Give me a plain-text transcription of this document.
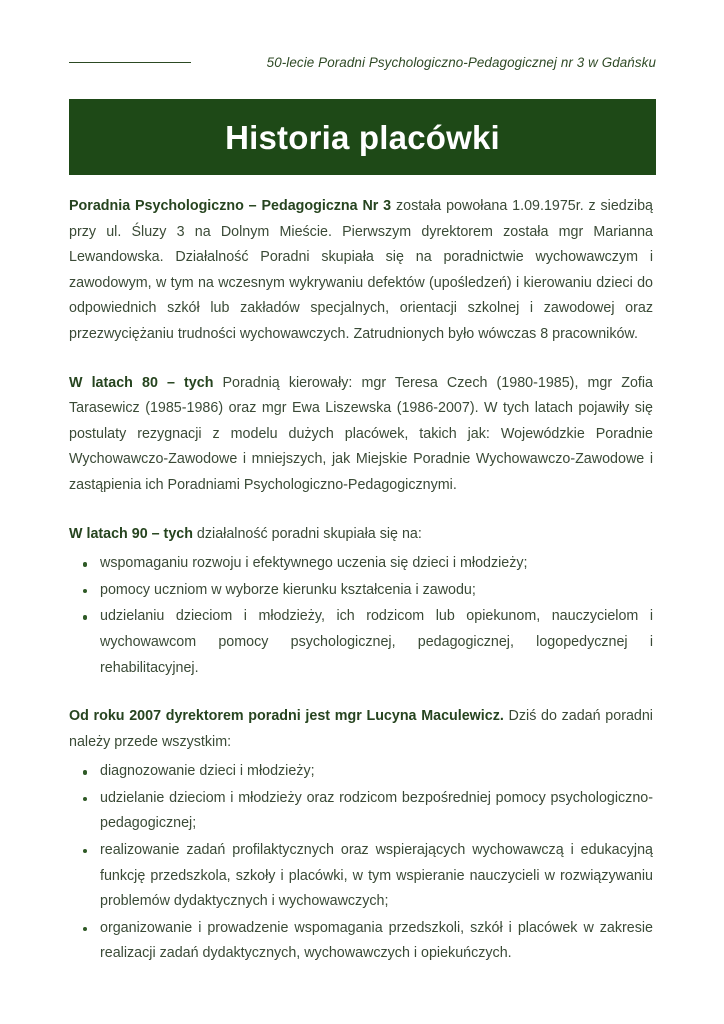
50-lecie Poradni Psychologiczno-Pedagogicznej nr 3 w Gdańsku
Historia placówki

Poradnia Psychologiczno – Pedagogiczna Nr 3 została powołana 1.09.1975r. z siedzibą przy ul. Śluzy 3 na Dolnym Mieście. Pierwszym dyrektorem została mgr Marianna Lewandowska. Działalność Poradni skupiała się na poradnictwie wychowawczym i zawodowym, w tym na wczesnym wykrywaniu defektów (upośledzeń) i kierowaniu dzieci do odpowiednich szkół lub zakładów specjalnych, orientacji szkolnej i zawodowej oraz przezwyciężaniu trudności wychowawczych. Zatrudnionych było wówczas 8 pracowników.

W latach 80 – tych Poradnią kierowały: mgr Teresa Czech (1980-1985), mgr Zofia Tarasewicz (1985-1986) oraz mgr Ewa Liszewska (1986-2007). W tych latach pojawiły się postulaty rezygnacji z modelu dużych placówek, takich jak: Wojewódzkie Poradnie Wychowawczo-Zawodowe i mniejszych, jak Miejskie Poradnie Wychowawczo-Zawodowe i zastąpienia ich Poradniami Psychologiczno-Pedagogicznymi.

W latach 90 – tych działalność poradni skupiała się na:

wspomaganiu rozwoju i efektywnego uczenia się dzieci i młodzieży;
pomocy uczniom w wyborze kierunku kształcenia i zawodu;
udzielaniu dzieciom i młodzieży, ich rodzicom lub opiekunom, nauczycielom i wychowawcom pomocy psychologicznej, pedagogicznej, logopedycznej i rehabilitacyjnej.

Od roku 2007 dyrektorem poradni jest mgr Lucyna Maculewicz. Dziś do zadań poradni należy przede wszystkim:

diagnozowanie dzieci i młodzieży;
udzielanie dzieciom i młodzieży oraz rodzicom bezpośredniej pomocy psychologiczno-pedagogicznej;
realizowanie zadań profilaktycznych oraz wspierających wychowawczą i edukacyjną funkcję przedszkola, szkoły i placówki, w tym wspieranie nauczycieli w rozwiązywaniu problemów dydaktycznych i wychowawczych;
organizowanie i prowadzenie wspomagania przedszkoli, szkół i placówek w zakresie realizacji zadań dydaktycznych, wychowawczych i opiekuńczych.
